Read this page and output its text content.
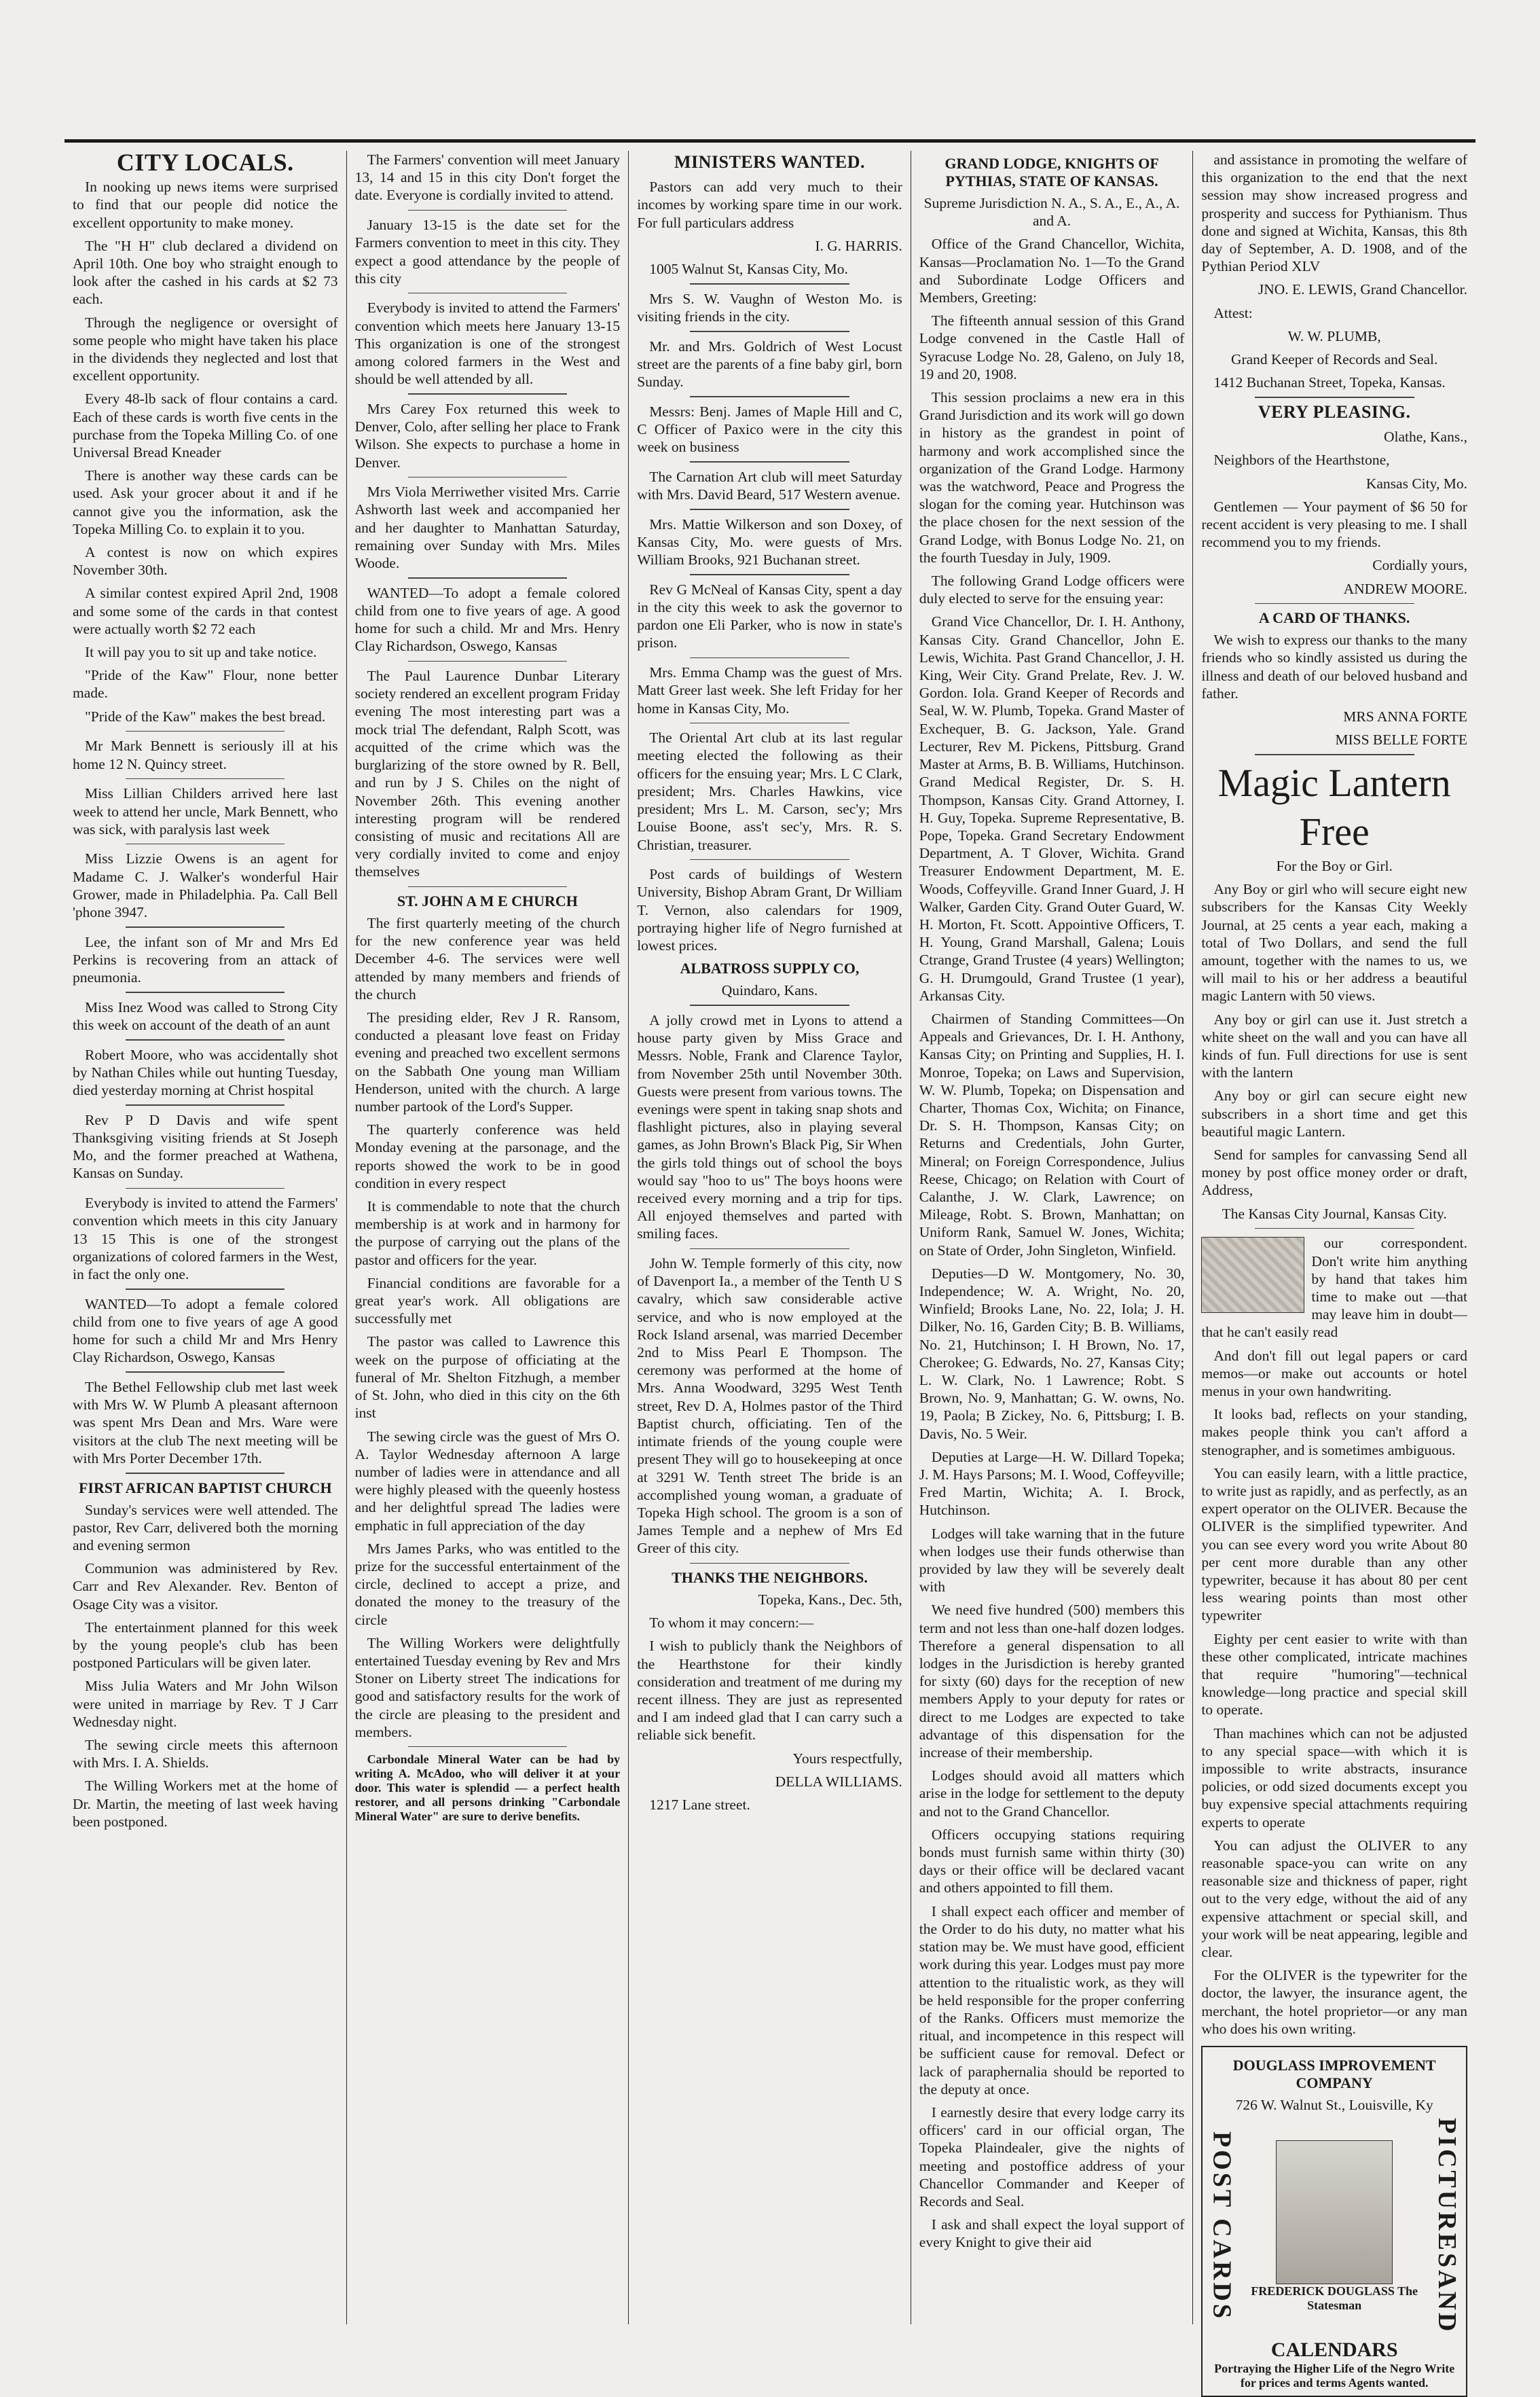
CITY LOCALS.

In nooking up news items were surprised to find that our people did notice the excellent opportunity to make money.

The "H H" club declared a dividend on April 10th. One boy who straight enough to look after the cashed in his cards at $2 73 each.

Through the negligence or oversight of some people who might have taken his place in the dividends they neglected and lost that excellent opportunity.

Every 48-lb sack of flour contains a card. Each of these cards is worth five cents in the purchase from the Topeka Milling Co. of one Universal Bread Kneader

There is another way these cards can be used. Ask your grocer about it and if he cannot give you the information, ask the Topeka Milling Co. to explain it to you.

A contest is now on which expires November 30th.

A similar contest expired April 2nd, 1908 and some some of the cards in that contest were actually worth $2 72 each

It will pay you to sit up and take notice.

"Pride of the Kaw" Flour, none better made.

"Pride of the Kaw" makes the best bread.

Mr Mark Bennett is seriously ill at his home 12 N. Quincy street.

Miss Lillian Childers arrived here last week to attend her uncle, Mark Bennett, who was sick, with paralysis last week

Miss Lizzie Owens is an agent for Madame C. J. Walker's wonderful Hair Grower, made in Philadelphia. Pa. Call Bell 'phone 3947.

Lee, the infant son of Mr and Mrs Ed Perkins is recovering from an attack of pneumonia.

Miss Inez Wood was called to Strong City this week on account of the death of an aunt

Robert Moore, who was accidentally shot by Nathan Chiles while out hunting Tuesday, died yesterday morning at Christ hospital

Rev P D Davis and wife spent Thanksgiving visiting friends at St Joseph Mo, and the former preached at Wathena, Kansas on Sunday.

Everybody is invited to attend the Farmers' convention which meets in this city January 13 15 This is one of the strongest organizations of colored farmers in the West, in fact the only one.

WANTED—To adopt a female colored child from one to five years of age A good home for such a child Mr and Mrs Henry Clay Richardson, Oswego, Kansas

The Bethel Fellowship club met last week with Mrs W. W Plumb A pleasant afternoon was spent Mrs Dean and Mrs. Ware were visitors at the club The next meeting will be with Mrs Porter December 17th.

FIRST AFRICAN BAPTIST CHURCH

Sunday's services were well attended. The pastor, Rev Carr, delivered both the morning and evening sermon

Communion was administered by Rev. Carr and Rev Alexander. Rev. Benton of Osage City was a visitor.

The entertainment planned for this week by the young people's club has been postponed Particulars will be given later.

Miss Julia Waters and Mr John Wilson were united in marriage by Rev. T J Carr Wednesday night.

The sewing circle meets this afternoon with Mrs. I. A. Shields.

The Willing Workers met at the home of Dr. Martin, the meeting of last week having been postponed.

The Farmers' convention will meet January 13, 14 and 15 in this city Don't forget the date. Everyone is cordially invited to attend.

January 13-15 is the date set for the Farmers convention to meet in this city. They expect a good attendance by the people of this city

Everybody is invited to attend the Farmers' convention which meets here January 13-15 This organization is one of the strongest among colored farmers in the West and should be well attended by all.

Mrs Carey Fox returned this week to Denver, Colo, after selling her place to Frank Wilson. She expects to purchase a home in Denver.

Mrs Viola Merriwether visited Mrs. Carrie Ashworth last week and accompanied her and her daughter to Manhattan Saturday, remaining over Sunday with Mrs. Miles Woode.

WANTED—To adopt a female colored child from one to five years of age. A good home for such a child. Mr and Mrs. Henry Clay Richardson, Oswego, Kansas

The Paul Laurence Dunbar Literary society rendered an excellent program Friday evening The most interesting part was a mock trial The defendant, Ralph Scott, was acquitted of the crime which was the burglarizing of the store owned by R. Bell, and run by J S. Chiles on the night of November 26th. This evening another interesting program will be rendered consisting of music and recitations All are very cordially invited to come and enjoy themselves

ST. JOHN A M E CHURCH

The first quarterly meeting of the church for the new conference year was held December 4-6. The services were well attended by many members and friends of the church

The presiding elder, Rev J R. Ransom, conducted a pleasant love feast on Friday evening and preached two excellent sermons on the Sabbath One young man William Henderson, united with the church. A large number partook of the Lord's Supper.

The quarterly conference was held Monday evening at the parsonage, and the reports showed the work to be in good condition in every respect

It is commendable to note that the church membership is at work and in harmony for the purpose of carrying out the plans of the pastor and officers for the year.

Financial conditions are favorable for a great year's work. All obligations are successfully met

The pastor was called to Lawrence this week on the purpose of officiating at the funeral of Mr. Shelton Fitzhugh, a member of St. John, who died in this city on the 6th inst

The sewing circle was the guest of Mrs O. A. Taylor Wednesday afternoon A large number of ladies were in attendance and all were highly pleased with the queenly hostess and her delightful spread The ladies were emphatic in full appreciation of the day

Mrs James Parks, who was entitled to the prize for the successful entertainment of the circle, declined to accept a prize, and donated the money to the treasury of the circle

The Willing Workers were delightfully entertained Tuesday evening by Rev and Mrs Stoner on Liberty street The indications for good and satisfactory results for the work of the circle are pleasing to the president and members.

Carbondale Mineral Water can be had by writing A. McAdoo, who will deliver it at your door. This water is splendid — a perfect health restorer, and all persons drinking "Carbondale Mineral Water" are sure to derive benefits.

MINISTERS WANTED.

Pastors can add very much to their incomes by working spare time in our work. For full particulars address

I. G. HARRIS.

1005 Walnut St, Kansas City, Mo.

Mrs S. W. Vaughn of Weston Mo. is visiting friends in the city.

Mr. and Mrs. Goldrich of West Locust street are the parents of a fine baby girl, born Sunday.

Messrs: Benj. James of Maple Hill and C, C Officer of Paxico were in the city this week on business

The Carnation Art club will meet Saturday with Mrs. David Beard, 517 Western avenue.

Mrs. Mattie Wilkerson and son Doxey, of Kansas City, Mo. were guests of Mrs. William Brooks, 921 Buchanan street.

Rev G McNeal of Kansas City, spent a day in the city this week to ask the governor to pardon one Eli Parker, who is now in state's prison.

Mrs. Emma Champ was the guest of Mrs. Matt Greer last week. She left Friday for her home in Kansas City, Mo.

The Oriental Art club at its last regular meeting elected the following as their officers for the ensuing year; Mrs. L C Clark, president; Mrs. Charles Hawkins, vice president; Mrs L. M. Carson, sec'y; Mrs Louise Boone, ass't sec'y, Mrs. R. S. Christian, treasurer.

Post cards of buildings of Western University, Bishop Abram Grant, Dr William T. Vernon, also calendars for 1909, portraying higher life of Negro furnished at lowest prices.

ALBATROSS SUPPLY CO,

Quindaro, Kans.

A jolly crowd met in Lyons to attend a house party given by Miss Grace and Messrs. Noble, Frank and Clarence Taylor, from November 25th until November 30th. Guests were present from various towns. The evenings were spent in taking snap shots and flashlight pictures, also in playing several games, as John Brown's Black Pig, Sir When the girls told things out of school the boys would say "hoo to us" The boys hoons were received every morning and a trip for tips. All enjoyed themselves and parted with smiling faces.

John W. Temple formerly of this city, now of Davenport Ia., a member of the Tenth U S cavalry, which saw considerable active service, and who is now employed at the Rock Island arsenal, was married December 2nd to Miss Pearl E Thompson. The ceremony was performed at the home of Mrs. Anna Woodward, 3295 West Tenth street, Rev D. A, Holmes pastor of the Third Baptist church, officiating. Ten of the intimate friends of the young couple were present They will go to housekeeping at once at 3291 W. Tenth street The bride is an accomplished young woman, a graduate of Topeka High school. The groom is a son of James Temple and a nephew of Mrs Ed Greer of this city.

THANKS THE NEIGHBORS.

Topeka, Kans., Dec. 5th,

To whom it may concern:—

I wish to publicly thank the Neighbors of the Hearthstone for their kindly consideration and treatment of me during my recent illness. They are just as represented and I am indeed glad that I can carry such a reliable sick benefit.

Yours respectfully,

DELLA WILLIAMS.

1217 Lane street.

GRAND LODGE, KNIGHTS OF PYTHIAS, STATE OF KANSAS.

Supreme Jurisdiction N. A., S. A., E., A., A. and A.

Office of the Grand Chancellor, Wichita, Kansas—Proclamation No. 1—To the Grand and Subordinate Lodge Officers and Members, Greeting:

The fifteenth annual session of this Grand Lodge convened in the Castle Hall of Syracuse Lodge No. 28, Galeno, on July 18, 19 and 20, 1908.

This session proclaims a new era in this Grand Jurisdiction and its work will go down in history as the grandest in point of harmony and work accomplished since the organization of the Grand Lodge. Harmony was the watchword, Peace and Progress the slogan for the coming year. Hutchinson was the place chosen for the next session of the Grand Lodge, with Bonus Lodge No. 21, on the fourth Tuesday in July, 1909.

The following Grand Lodge officers were duly elected to serve for the ensuing year:

Grand Vice Chancellor, Dr. I. H. Anthony, Kansas City. Grand Chancellor, John E. Lewis, Wichita. Past Grand Chancellor, J. H. King, Weir City. Grand Prelate, Rev. J. W. Gordon. Iola. Grand Keeper of Records and Seal, W. W. Plumb, Topeka. Grand Master of Exchequer, B. G. Jackson, Yale. Grand Lecturer, Rev M. Pickens, Pittsburg. Grand Master at Arms, B. B. Williams, Hutchinson. Grand Medical Register, Dr. S. H. Thompson, Kansas City. Grand Attorney, I. H. Guy, Topeka. Supreme Representative, B. Pope, Topeka. Grand Secretary Endowment Department, A. T Glover, Wichita. Grand Treasurer Endowment Department, M. E. Woods, Coffeyville. Grand Inner Guard, J. H Walker, Garden City. Grand Outer Guard, W. H. Morton, Ft. Scott. Appointive Officers, T. H. Young, Grand Marshall, Galena; Louis Ctrange, Grand Trustee (4 years) Wellington; G. H. Drumgould, Grand Trustee (1 year), Arkansas City.

Chairmen of Standing Committees—On Appeals and Grievances, Dr. I. H. Anthony, Kansas City; on Printing and Supplies, H. I. Monroe, Topeka; on Laws and Supervision, W. W. Plumb, Topeka; on Dispensation and Charter, Thomas Cox, Wichita; on Finance, Dr. S. H. Thompson, Kansas City; on Returns and Credentials, John Gurter, Mineral; on Foreign Correspondence, Julius Reese, Chicago; on Relation with Court of Calanthe, J. W. Clark, Lawrence; on Mileage, Robt. S. Brown, Manhattan; on Uniform Rank, Samuel W. Jones, Wichita; on State of Order, John Singleton, Winfield.

Deputies—D W. Montgomery, No. 30, Independence; W. A. Wright, No. 20, Winfield; Brooks Lane, No. 22, Iola; J. H. Dilker, No. 16, Garden City; B. B. Williams, No. 21, Hutchinson; I. H Brown, No. 17, Cherokee; G. Edwards, No. 27, Kansas City; L. W. Clark, No. 1 Lawrence; Robt. S Brown, No. 9, Manhattan; G. W. owns, No. 19, Paola; B Zickey, No. 6, Pittsburg; I. B. Davis, No. 5 Weir.

Deputies at Large—H. W. Dillard Topeka; J. M. Hays Parsons; M. I. Wood, Coffeyville; Fred Martin, Wichita; A. I. Brock, Hutchinson.

Lodges will take warning that in the future when lodges use their funds otherwise than provided by law they will be severely dealt with

We need five hundred (500) members this term and not less than one-half dozen lodges. Therefore a general dispensation to all lodges in the Jurisdiction is hereby granted for sixty (60) days for the reception of new members Apply to your deputy for rates or direct to me Lodges are expected to take advantage of this dispensation for the increase of their membership.

Lodges should avoid all matters which arise in the lodge for settlement to the deputy and not to the Grand Chancellor.

Officers occupying stations requiring bonds must furnish same within thirty (30) days or their office will be declared vacant and others appointed to fill them.

I shall expect each officer and member of the Order to do his duty, no matter what his station may be. We must have good, efficient work during this year. Lodges must pay more attention to the ritualistic work, as they will be held responsible for the proper conferring of the Ranks. Officers must memorize the ritual, and incompetence in this respect will be sufficient cause for removal. Defect or lack of paraphernalia should be reported to the deputy at once.

I earnestly desire that every lodge carry its officers' card in our official organ, The Topeka Plaindealer, give the nights of meeting and postoffice address of your Chancellor Commander and Keeper of Records and Seal.

I ask and shall expect the loyal support of every Knight to give their aid

and assistance in promoting the welfare of this organization to the end that the next session may show increased progress and prosperity and success for Pythianism. Thus done and signed at Wichita, Kansas, this 8th day of September, A. D. 1908, and of the Pythian Period XLV

JNO. E. LEWIS, Grand Chancellor.

Attest:

W. W. PLUMB,

Grand Keeper of Records and Seal.

1412 Buchanan Street, Topeka, Kansas.

VERY PLEASING.

Olathe, Kans.,

Neighbors of the Hearthstone,

Kansas City, Mo.

Gentlemen — Your payment of $6 50 for recent accident is very pleasing to me. I shall recommend you to my friends.

Cordially yours,

ANDREW MOORE.

A CARD OF THANKS.

We wish to express our thanks to the many friends who so kindly assisted us during the illness and death of our beloved husband and father.

MRS ANNA FORTE

MISS BELLE FORTE

Magic Lantern
Free

For the Boy or Girl.

Any Boy or girl who will secure eight new subscribers for the Kansas City Weekly Journal, at 25 cents a year each, making a total of Two Dollars, and send the full amount, together with the names to us, we will mail to his or her address a beautiful magic Lantern with 50 views.

Any boy or girl can use it. Just stretch a white sheet on the wall and you can have all kinds of fun. Full directions for use is sent with the lantern

Any boy or girl can secure eight new subscribers in a short time and get this beautiful magic Lantern.

Send for samples for canvassing Send all money by post office money order or draft, Address,

The Kansas City Journal, Kansas City.

our correspondent. Don't write him anything by hand that takes him time to make out —that may leave him in doubt—that he can't easily read

And don't fill out legal papers or card memos—or make out accounts or hotel menus in your own handwriting.

It looks bad, reflects on your standing, makes people think you can't afford a stenographer, and is sometimes ambiguous.

You can easily learn, with a little practice, to write just as rapidly, and as perfectly, as an expert operator on the OLIVER. Because the OLIVER is the simplified typewriter. And you can see every word you write About 80 per cent more durable than any other typewriter, because it has about 80 per cent less wearing points than most other typewriter

Eighty per cent easier to write with than these other complicated, intricate machines that require "humoring"—technical knowledge—long practice and special skill to operate.

Than machines which can not be adjusted to any special space—with which it is impossible to write abstracts, insurance policies, or odd sized documents except you buy expensive special attachments requiring experts to operate

You can adjust the OLIVER to any reasonable space-you can write on any reasonable size and thickness of paper, right out to the very edge, without the aid of any expensive attachment or special skill, and your work will be neat appearing, legible and clear.

For the OLIVER is the typewriter for the doctor, the lawyer, the insurance agent, the merchant, the hotel proprietor—or any man who does his own writing.

DOUGLASS IMPROVEMENT COMPANY
726 W. Walnut St., Louisville, Ky
POST CARDS	FREDERICK DOUGLASS The Statesman
PICTURES
AND
CALENDARS
Portraying the Higher Life of the Negro Write for prices and terms Agents wanted.
